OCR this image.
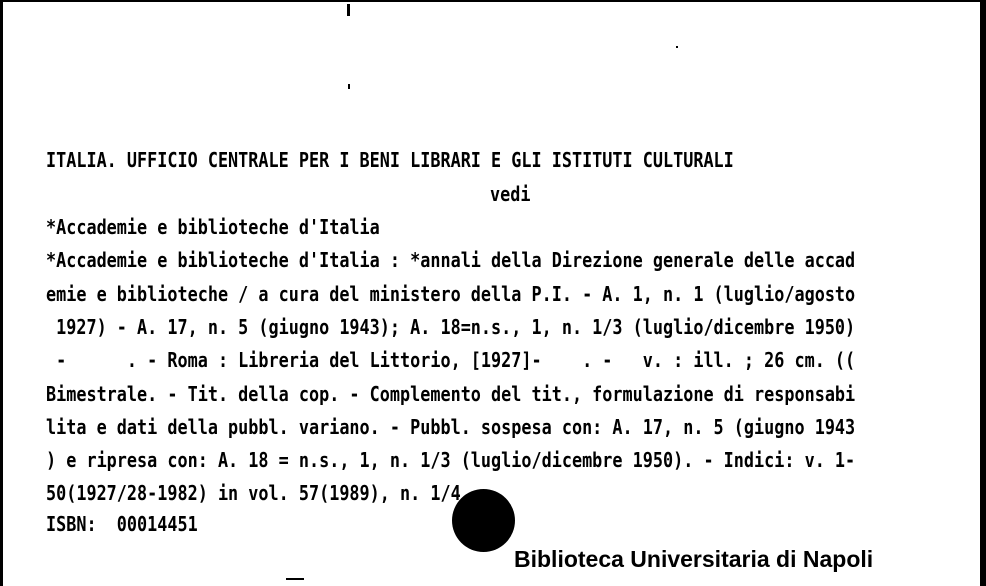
ITALIA. UFFICIO CENTRALE PER I BENI LIBRARI E GLI ISTITUTI CULTURALI
vedi
*Accademie e biblioteche d'Italia
*Accademie e biblioteche d'Italia : *annali della Direzione generale delle accad
emie e biblioteche / a cura del ministero della P.I. - A. 1, n. 1 (luglio/agosto
1927) - A. 17, n. 5 (giugno 1943); A. 18=n.s., 1, n. 1/3 (luglio/dicembre 1950)
-      . - Roma : Libreria del Littorio, [1927]-    . -   v. : ill. ; 26 cm. ((
Bimestrale. - Tit. della cop. - Complemento del tit., formulazione di responsabi
lita e dati della pubbl. variano. - Pubbl. sospesa con: A. 17, n. 5 (giugno 1943
) e ripresa con: A. 18 = n.s., 1, n. 1/3 (luglio/dicembre 1950). - Indici: v. 1-
50(1927/28-1982) in vol. 57(1989), n. 1/4
ISBN:  00014451
Biblioteca Universitaria di Napoli
